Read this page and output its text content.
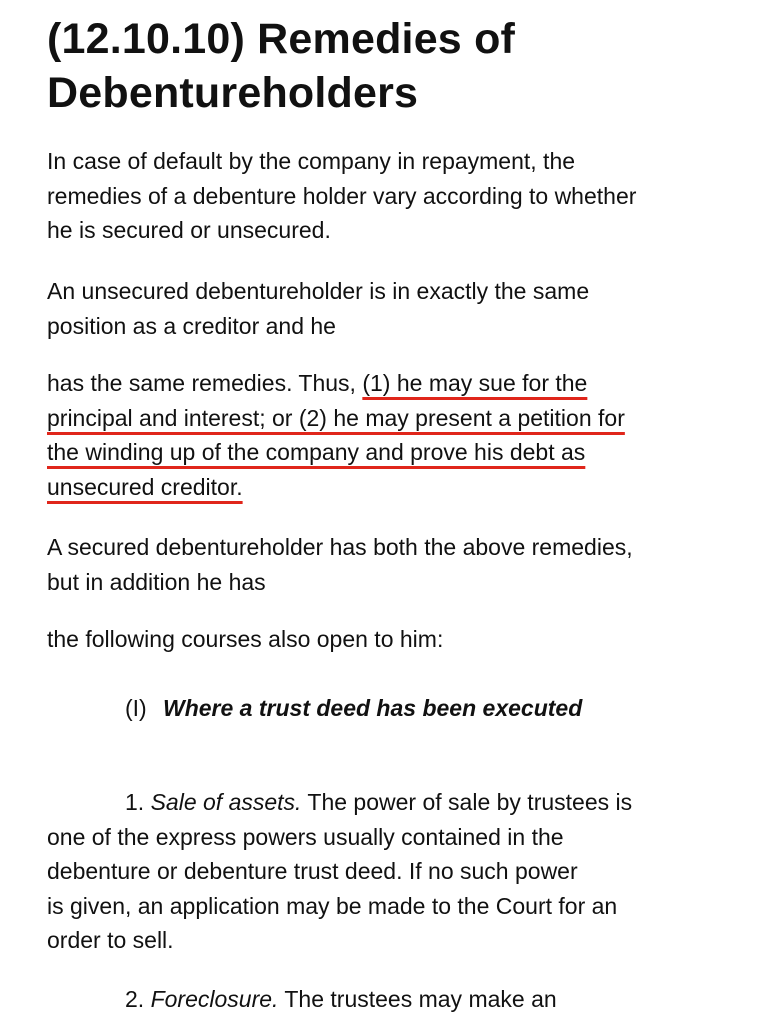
(12.10.10) Remedies of
Debentureholders

In case of default by the company in repayment, the
remedies of a debenture holder vary according to whether
he is secured or unsecured.

An unsecured debentureholder is in exactly the same
position as a creditor and he

has the same remedies. Thus, (1) he may sue for the
principal and interest; or (2) he may present a petition for
the winding up of the company and prove his debt as
unsecured creditor.

A secured debentureholder has both the above remedies,
but in addition he has

the following courses also open to him:

(I) Where a trust deed has been executed

1. Sale of assets. The power of sale by trustees is
one of the express powers usually contained in the
debenture or debenture trust deed. If no such power
is given, an application may be made to the Court for an
order to sell.

2. Foreclosure. The trustees may make an
